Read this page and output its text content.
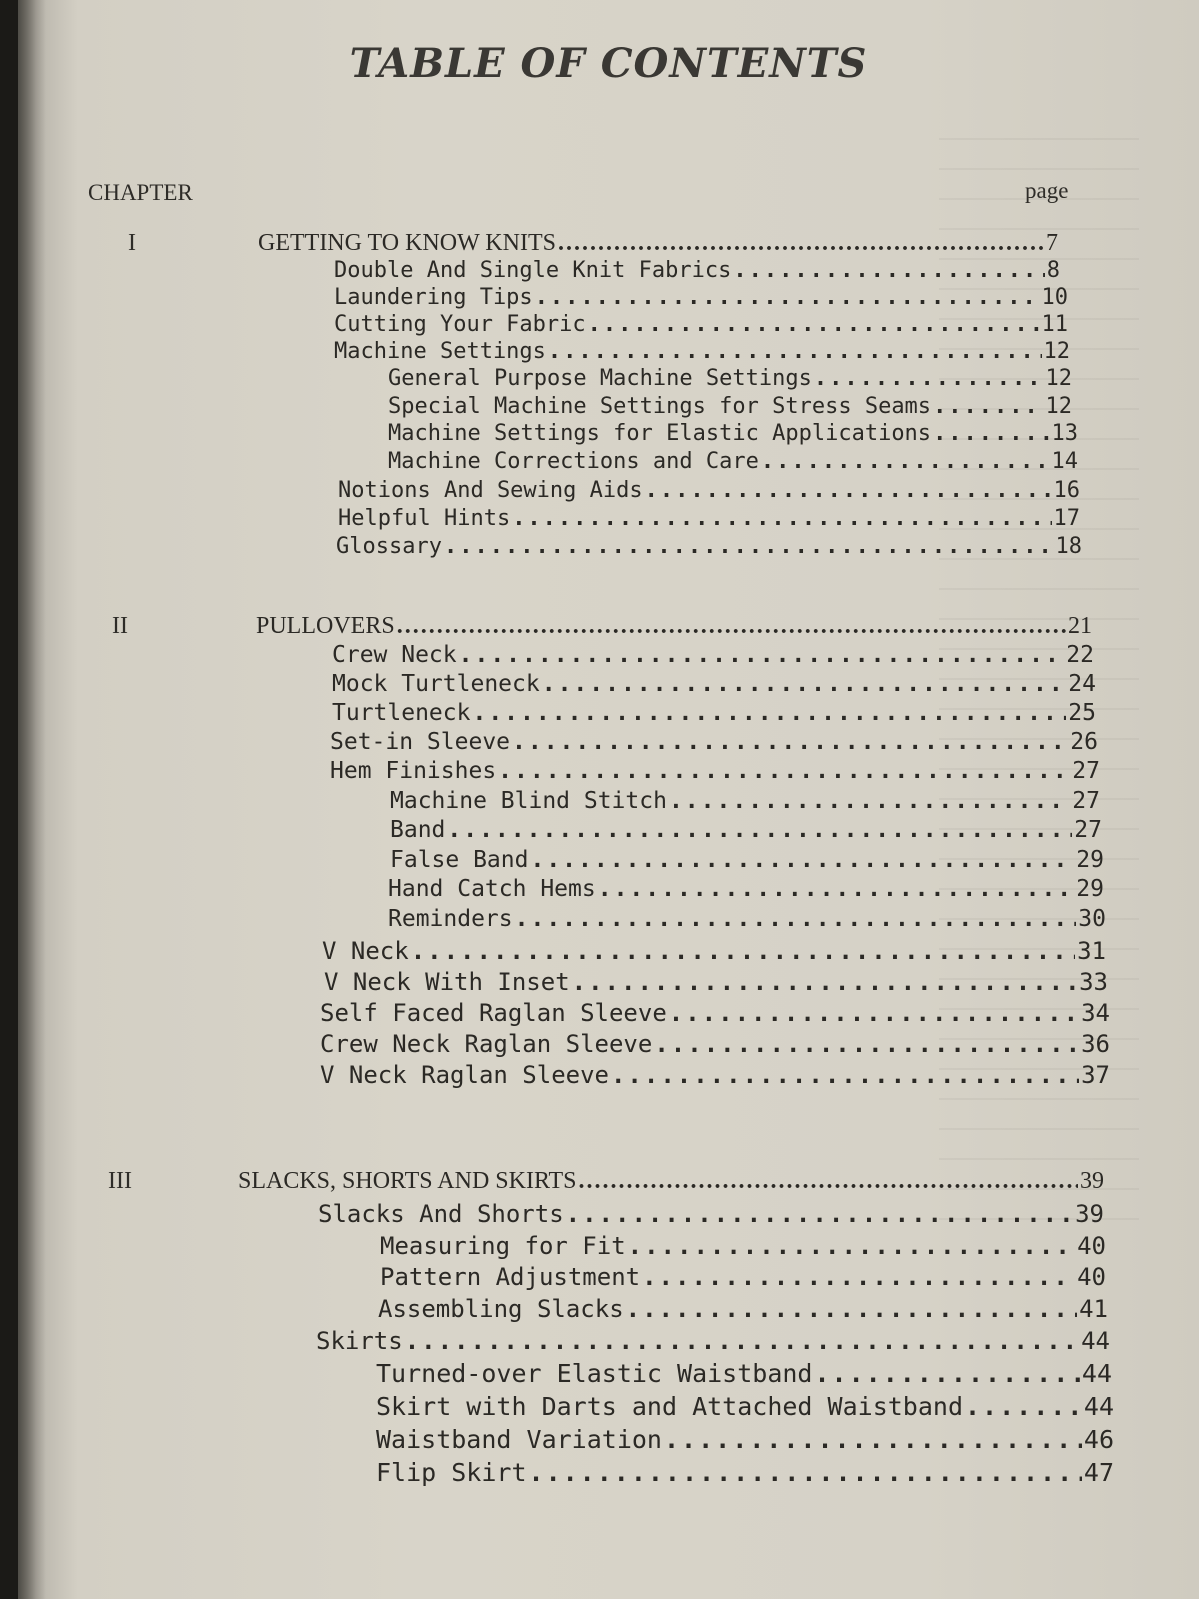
TABLE OF CONTENTS
CHAPTER	page
I	GETTING TO KNOW KNITS .....	7
Double And Single Knit Fabrics .....	8
Laundering Tips .....	10
Cutting Your Fabric .....	11
Machine Settings .....	12
General Purpose Machine Settings .....	12
Special Machine Settings for Stress Seams .....	12
Machine Settings for Elastic Applications .....	13
Machine Corrections and Care .....	14
Notions And Sewing Aids .....	16
Helpful Hints .....	17
Glossary .....	18
II	PULLOVERS .....	21
Crew Neck .....	22
Mock Turtleneck .....	24
Turtleneck .....	25
Set-in Sleeve .....	26
Hem Finishes .....	27
Machine Blind Stitch .....	27
Band .....	27
False Band .....	29
Hand Catch Hems .....	29
Reminders .....	30
V Neck .....	31
V Neck With Inset .....	33
Self Faced Raglan Sleeve .....	34
Crew Neck Raglan Sleeve .....	36
V Neck Raglan Sleeve .....	37
III	SLACKS, SHORTS AND SKIRTS .....	39
Slacks And Shorts .....	39
Measuring for Fit .....	40
Pattern Adjustment .....	40
Assembling Slacks .....	41
Skirts .....	44
Turned-over Elastic Waistband .....	44
Skirt with Darts and Attached Waistband .....	44
Waistband Variation .....	46
Flip Skirt .....	47
